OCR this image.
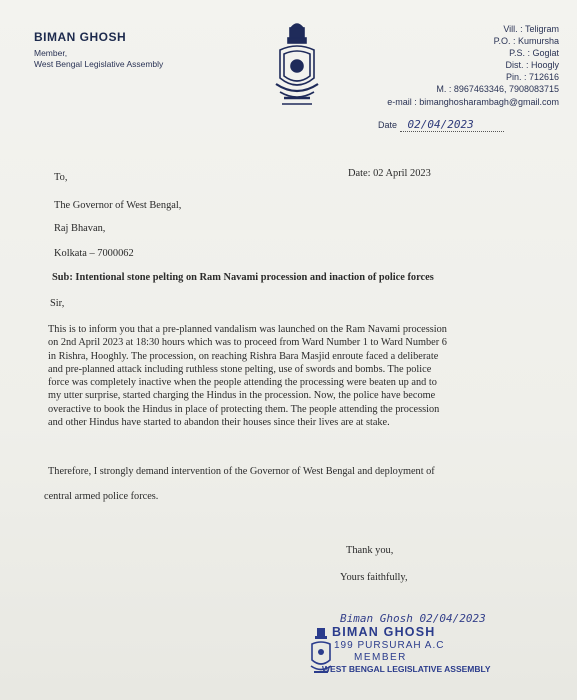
BIMAN GHOSH
Member,
West Bengal Legislative Assembly
Vill. : Teligram
P.O. : Kumursha
P.S. : Goglat
Dist. : Hoogly
Pin. : 712616
M. : 8967463346, 7908083715
e-mail : bimanghosharambagh@gmail.com
Date 02/04/2023
To,	Date: 02 April 2023
The Governor of West Bengal,
Raj Bhavan,
Kolkata – 7000062
Sub: Intentional stone pelting on Ram Navami procession and inaction of police forces
Sir,
This is to inform you that a pre-planned vandalism was launched on the Ram Navami procession
on 2nd April 2023 at 18:30 hours which was to proceed from Ward Number 1 to Ward Number 6
in Rishra, Hooghly. The procession, on reaching Rishra Bara Masjid enroute faced a deliberate
and pre-planned attack including ruthless stone pelting, use of swords and bombs. The police
force was completely inactive when the people attending the processing were beaten up and to
my utter surprise, started charging the Hindus in the procession. Now, the police have become
overactive to book the Hindus in place of protecting them. The people attending the procession
and other Hindus have started to abandon their houses since their lives are at stake.
Therefore, I strongly demand intervention of the Governor of West Bengal and deployment of
central armed police forces.
Thank you,
Yours faithfully,
Biman Ghosh 02/04/2023
BIMAN GHOSH
199 PURSURAH A.C
MEMBER
WEST BENGAL LEGISLATIVE ASSEMBLY
